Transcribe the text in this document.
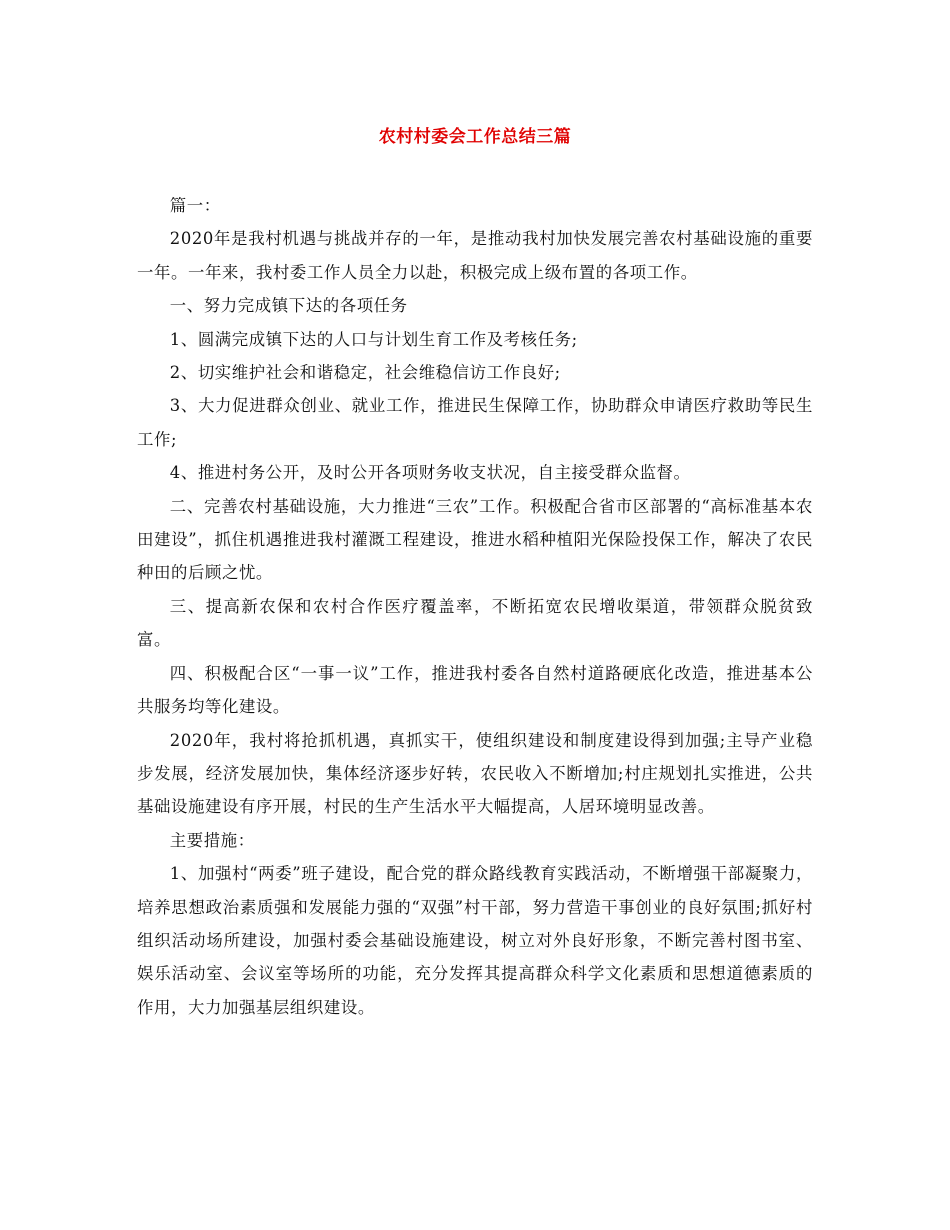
农村村委会工作总结三篇

篇一：

2020年是我村机遇与挑战并存的一年，是推动我村加快发展完善农村基础设施的重要一年。一年来，我村委工作人员全力以赴，积极完成上级布置的各项工作。

一、努力完成镇下达的各项任务

1、圆满完成镇下达的人口与计划生育工作及考核任务;

2、切实维护社会和谐稳定，社会维稳信访工作良好;

3、大力促进群众创业、就业工作，推进民生保障工作，协助群众申请医疗救助等民生工作;

4、推进村务公开，及时公开各项财务收支状况，自主接受群众监督。

二、完善农村基础设施，大力推进“三农”工作。积极配合省市区部署的“高标准基本农田建设”，抓住机遇推进我村灌溉工程建设，推进水稻种植阳光保险投保工作，解决了农民种田的后顾之忧。

三、提高新农保和农村合作医疗覆盖率，不断拓宽农民增收渠道，带领群众脱贫致富。

四、积极配合区“一事一议”工作，推进我村委各自然村道路硬底化改造，推进基本公共服务均等化建设。

2020年，我村将抢抓机遇，真抓实干，使组织建设和制度建设得到加强;主导产业稳步发展，经济发展加快，集体经济逐步好转，农民收入不断增加;村庄规划扎实推进，公共基础设施建设有序开展，村民的生产生活水平大幅提高，人居环境明显改善。

主要措施：

1、加强村“两委”班子建设，配合党的群众路线教育实践活动，不断增强干部凝聚力，培养思想政治素质强和发展能力强的“双强”村干部，努力营造干事创业的良好氛围;抓好村组织活动场所建设，加强村委会基础设施建设，树立对外良好形象，不断完善村图书室、娱乐活动室、会议室等场所的功能，充分发挥其提高群众科学文化素质和思想道德素质的作用，大力加强基层组织建设。
